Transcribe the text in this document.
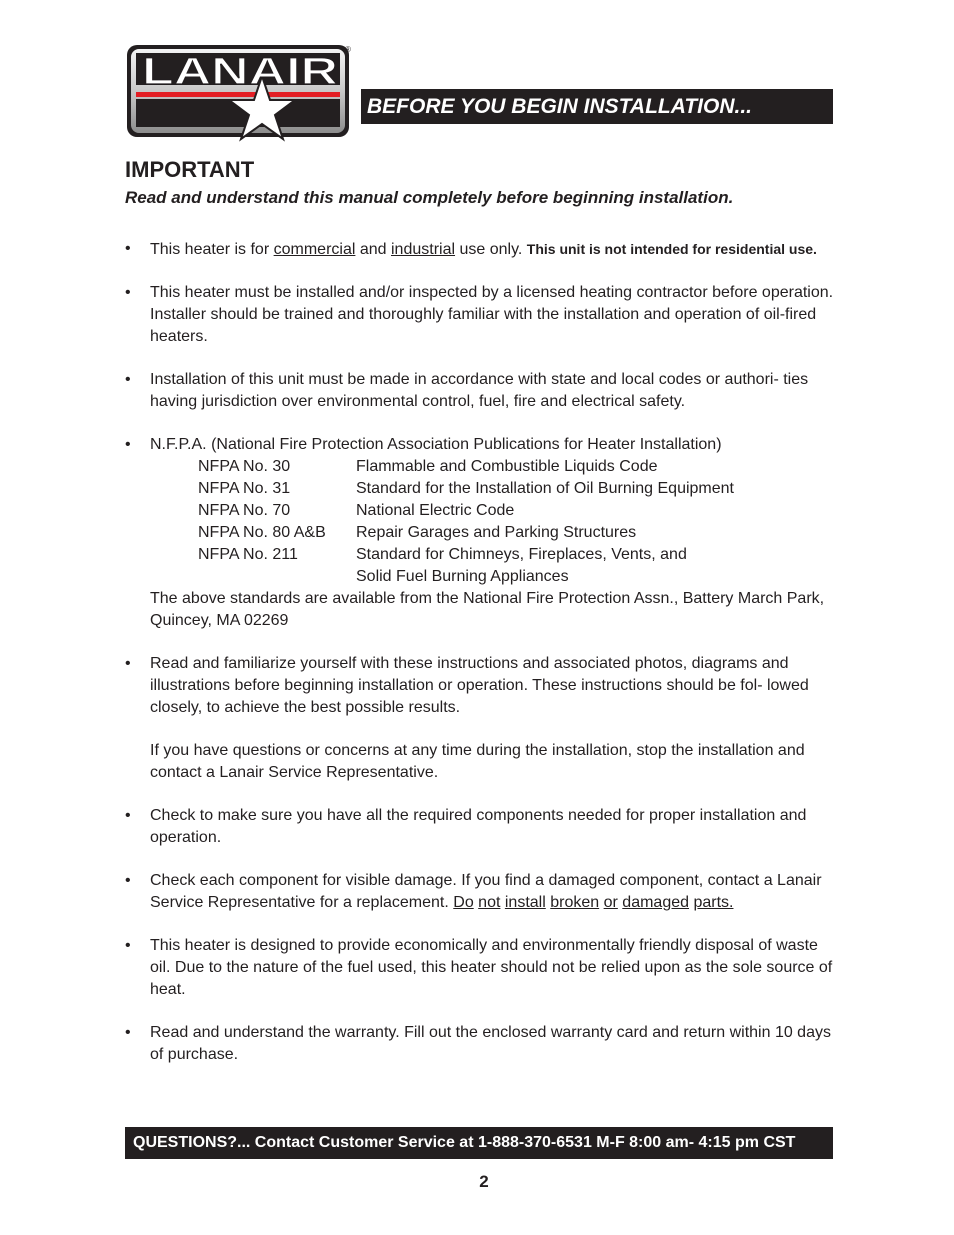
LANAIR
®
BEFORE YOU BEGIN INSTALLATION...
IMPORTANT

Read and understand this manual completely before beginning installation.

•	This heater is for commercial and industrial use only. This unit is not intended for residential use.
•	This heater must be installed and/or inspected by a licensed heating contractor before operation. Installer should be trained and thoroughly familiar with the installation and operation of oil-fired heaters.
•	Installation of this unit must be made in accordance with state and local codes or authori- ties having jurisdiction over environmental control, fuel, fire and electrical safety.
•	N.F.P.A. (National Fire Protection Association Publications for Heater Installation)
NFPA No. 30	Flammable and Combustible Liquids Code
NFPA No. 31	Standard for the Installation of Oil Burning Equipment
NFPA No. 70	National Electric Code
NFPA No. 80 A&B	Repair Garages and Parking Structures
NFPA No. 211	Standard for Chimneys, Fireplaces, Vents, and
Solid Fuel Burning Appliances
The above standards are available from the National Fire Protection Assn., Battery March Park, Quincey, MA 02269
•	Read and familiarize yourself with these instructions and associated photos, diagrams and illustrations before beginning installation or operation. These instructions should be fol- lowed closely, to achieve the best possible results.
If you have questions or concerns at any time during the installation, stop the installation and contact a Lanair Service Representative.
•	Check to make sure you have all the required components needed for proper installation and operation.
•	Check each component for visible damage. If you find a damaged component, contact a Lanair Service Representative for a replacement. Do not install broken or damaged parts.
•	This heater is designed to provide economically and environmentally friendly disposal of waste oil. Due to the nature of the fuel used, this heater should not be relied upon as the sole source of heat.
•	Read and understand the warranty. Fill out the enclosed warranty card and return within 10 days of purchase.
QUESTIONS?... Contact Customer Service at 1-888-370-6531 M-F 8:00 am- 4:15 pm CST
2
